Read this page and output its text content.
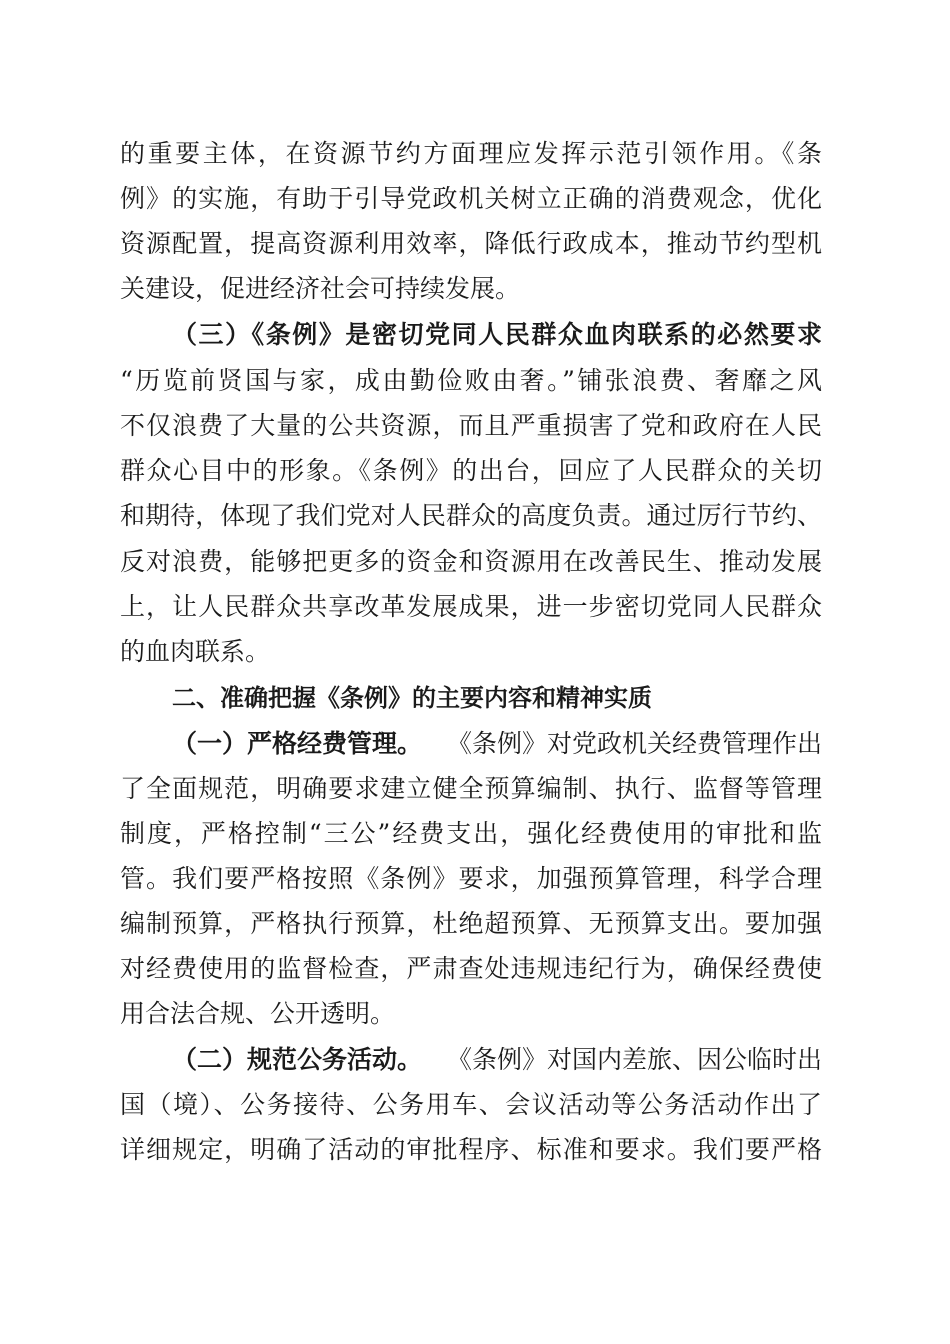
的重要主体，在资源节约方面理应发挥示范引领作用。《条
例》的实施，有助于引导党政机关树立正确的消费观念，优化
资源配置，提高资源利用效率，降低行政成本，推动节约型机
关建设，促进经济社会可持续发展。
（三）《条例》是密切党同人民群众血肉联系的必然要求
“历览前贤国与家，成由勤俭败由奢。”铺张浪费、奢靡之风
不仅浪费了大量的公共资源，而且严重损害了党和政府在人民
群众心目中的形象。《条例》的出台，回应了人民群众的关切
和期待，体现了我们党对人民群众的高度负责。通过厉行节约、
反对浪费，能够把更多的资金和资源用在改善民生、推动发展
上，让人民群众共享改革发展成果，进一步密切党同人民群众
的血肉联系。
二、准确把握《条例》的主要内容和精神实质
（一）严格经费管理。 《条例》对党政机关经费管理作出
了全面规范，明确要求建立健全预算编制、执行、监督等管理
制度，严格控制“三公”经费支出，强化经费使用的审批和监
管。我们要严格按照《条例》要求，加强预算管理，科学合理
编制预算，严格执行预算，杜绝超预算、无预算支出。要加强
对经费使用的监督检查，严肃查处违规违纪行为，确保经费使
用合法合规、公开透明。
（二）规范公务活动。 《条例》对国内差旅、因公临时出
国（境）、公务接待、公务用车、会议活动等公务活动作出了
详细规定，明确了活动的审批程序、标准和要求。我们要严格
